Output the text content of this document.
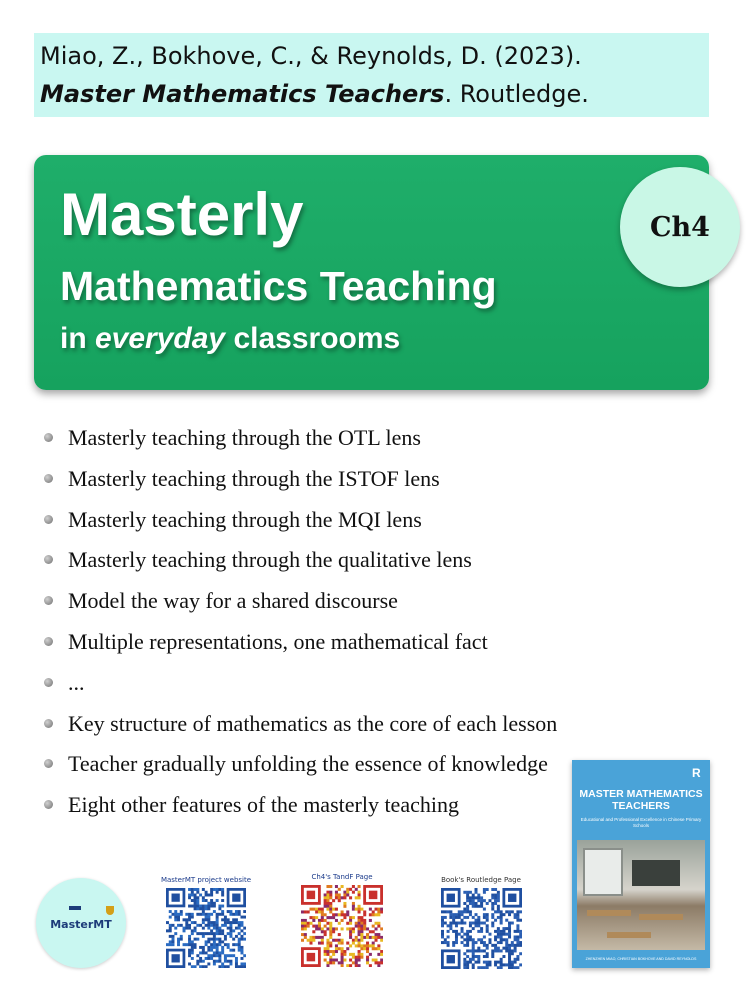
Miao, Z., Bokhove, C., & Reynolds, D. (2023).
Master Mathematics Teachers. Routledge.
Masterly
Mathematics Teaching
in everyday classrooms
Ch4
Masterly teaching through the OTL lens
Masterly teaching through the ISTOF lens
Masterly teaching through the MQI lens
Masterly teaching through the qualitative lens
Model the way for a shared discourse
Multiple representations, one mathematical fact
...
Key structure of mathematics as the core of each lesson
Teacher gradually unfolding the essence of knowledge
Eight other features of the masterly teaching
MasterMT
MasterMT project website	Ch4's TandF Page	Book's Routledge Page
R
MASTER MATHEMATICS TEACHERS
Educational and Professional Excellence in Chinese Primary Schools
ZHENZHEN MIAO, CHRISTIAN BOKHOVE AND DAVID REYNOLDS
